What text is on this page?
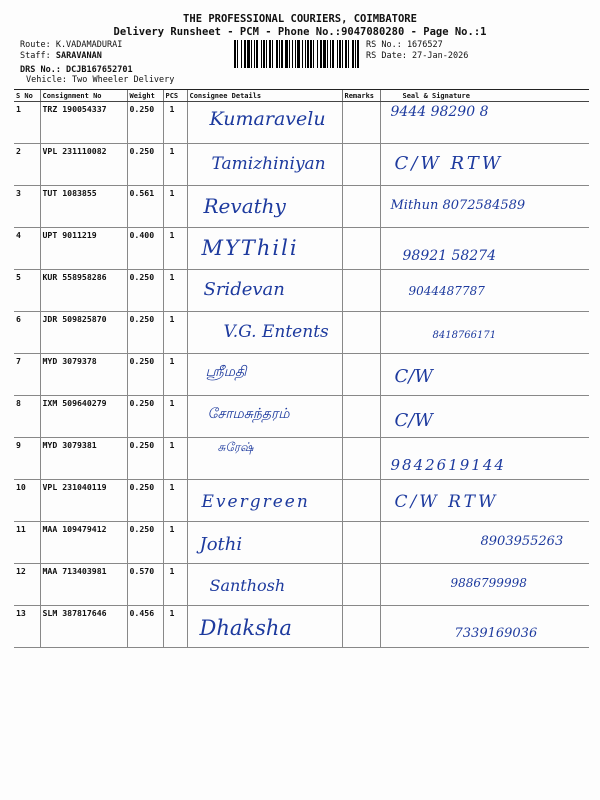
THE PROFESSIONAL COURIERS, COIMBATORE
Delivery Runsheet - PCM - Phone No.:9047080280 - Page No.:1
Route: K.VADAMADURAI
Staff: SARAVANAN
DRS No.: DCJB167652701
Vehicle: Two Wheeler Delivery
RS No.: 1676527
RS Date: 27-Jan-2026
S No	Consignment No	Weight	PCS	Consignee Details	Remarks	Seal & Signature
1	TRZ 190054337	0.250	1	Kumaravelu		9444 98290 8

2	VPL 231110082	0.250	1	Tamizhiniyan		C/W RTW

3	TUT 1083855	0.561	1	Revathy		Mithun 8072584589

4	UPT 9011219	0.400	1	MYThili		98921 58274

5	KUR 558958286	0.250	1	Sridevan		9044487787

6	JDR 509825870	0.250	1	V.G. Entents		8418766171

7	MYD 3079378	0.250	1	ஸ்ரீமதி		C/W

8	IXM 509640279	0.250	1	சோமசுந்தரம்		C/W

9	MYD 3079381	0.250	1	சுரேஷ்		9842619144

10	VPL 231040119	0.250	1	Evergreen		C/W RTW

11	MAA 109479412	0.250	1	Jothi		8903955263

12	MAA 713403981	0.570	1	Santhosh		9886799998

13	SLM 387817646	0.456	1	Dhaksha		7339169036
